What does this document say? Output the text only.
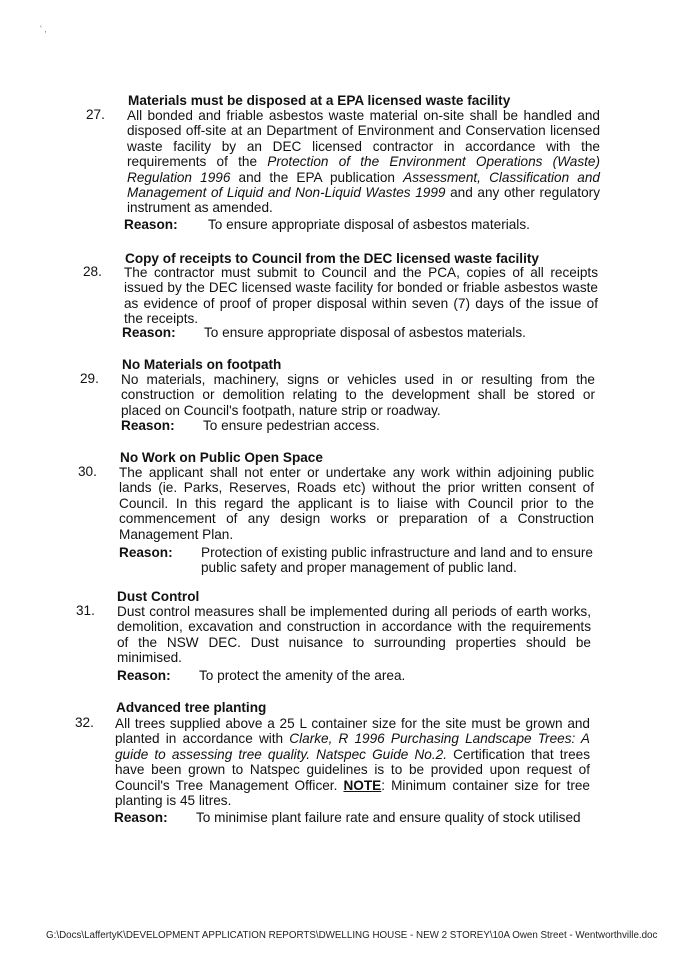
' ,
Materials must be disposed at a EPA licensed waste facility
27. All bonded and friable asbestos waste material on-site shall be handled and disposed off-site at an Department of Environment and Conservation licensed waste facility by an DEC licensed contractor in accordance with the requirements of the Protection of the Environment Operations (Waste) Regulation 1996 and the EPA publication Assessment, Classification and Management of Liquid and Non-Liquid Wastes 1999 and any other regulatory instrument as amended.
Reason: To ensure appropriate disposal of asbestos materials.
Copy of receipts to Council from the DEC licensed waste facility
28. The contractor must submit to Council and the PCA, copies of all receipts issued by the DEC licensed waste facility for bonded or friable asbestos waste as evidence of proof of proper disposal within seven (7) days of the issue of the receipts.
Reason: To ensure appropriate disposal of asbestos materials.
No Materials on footpath
29. No materials, machinery, signs or vehicles used in or resulting from the construction or demolition relating to the development shall be stored or placed on Council's footpath, nature strip or roadway.
Reason: To ensure pedestrian access.
No Work on Public Open Space
30. The applicant shall not enter or undertake any work within adjoining public lands (ie. Parks, Reserves, Roads etc) without the prior written consent of Council. In this regard the applicant is to liaise with Council prior to the commencement of any design works or preparation of a Construction Management Plan.
Reason: Protection of existing public infrastructure and land and to ensure public safety and proper management of public land.
Dust Control
31. Dust control measures shall be implemented during all periods of earth works, demolition, excavation and construction in accordance with the requirements of the NSW DEC. Dust nuisance to surrounding properties should be minimised.
Reason: To protect the amenity of the area.
Advanced tree planting
32. All trees supplied above a 25 L container size for the site must be grown and planted in accordance with Clarke, R 1996 Purchasing Landscape Trees: A guide to assessing tree quality. Natspec Guide No.2. Certification that trees have been grown to Natspec guidelines is to be provided upon request of Council's Tree Management Officer. NOTE: Minimum container size for tree planting is 45 litres.
Reason: To minimise plant failure rate and ensure quality of stock utilised
G:\Docs\LaffertyK\DEVELOPMENT APPLICATION REPORTS\DWELLING HOUSE - NEW 2 STOREY\10A Owen Street - Wentworthville.doc
